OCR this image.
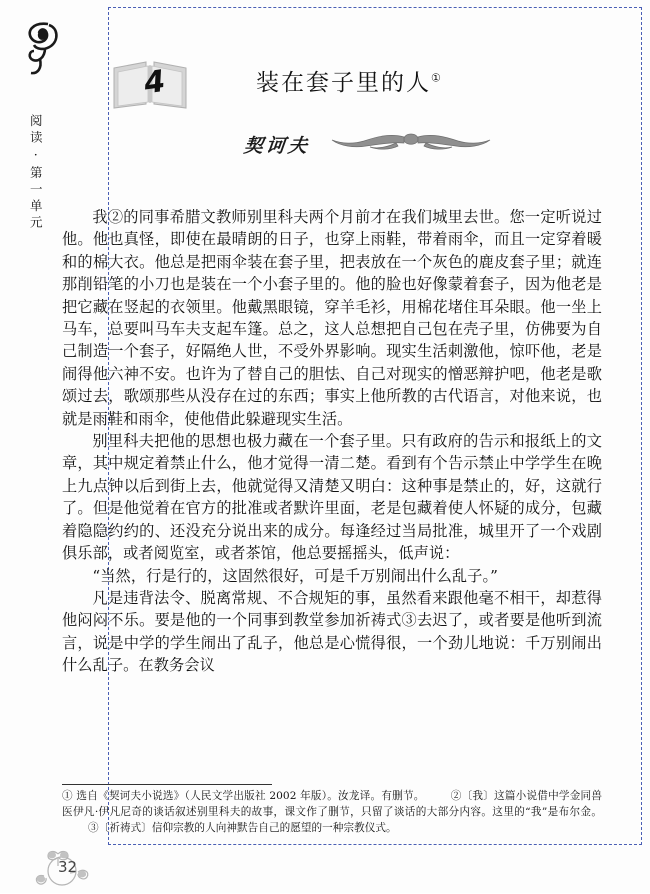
阅读·第一单元
4	装在套子里的人①
契诃夫

我②的同事希腊文教师别里科夫两个月前才在我们城里去世。您一定听说过他。他也真怪，即使在最晴朗的日子，也穿上雨鞋，带着雨伞，而且一定穿着暖和的棉大衣。他总是把雨伞装在套子里，把表放在一个灰色的鹿皮套子里；就连那削铅笔的小刀也是装在一个小套子里的。他的脸也好像蒙着套子，因为他老是把它藏在竖起的衣领里。他戴黑眼镜，穿羊毛衫，用棉花堵住耳朵眼。他一坐上马车，总要叫马车夫支起车篷。总之，这人总想把自己包在壳子里，仿佛要为自己制造一个套子，好隔绝人世，不受外界影响。现实生活刺激他，惊吓他，老是闹得他六神不安。也许为了替自己的胆怯、自己对现实的憎恶辩护吧，他老是歌颂过去，歌颂那些从没存在过的东西；事实上他所教的古代语言，对他来说，也就是雨鞋和雨伞，使他借此躲避现实生活。

别里科夫把他的思想也极力藏在一个套子里。只有政府的告示和报纸上的文章，其中规定着禁止什么，他才觉得一清二楚。看到有个告示禁止中学学生在晚上九点钟以后到街上去，他就觉得又清楚又明白：这种事是禁止的，好，这就行了。但是他觉着在官方的批准或者默许里面，老是包藏着使人怀疑的成分，包藏着隐隐约约的、还没充分说出来的成分。每逢经过当局批准，城里开了一个戏剧俱乐部，或者阅览室，或者茶馆，他总要摇摇头，低声说：

“当然，行是行的，这固然很好，可是千万别闹出什么乱子。”

凡是违背法令、脱离常规、不合规矩的事，虽然看来跟他毫不相干，却惹得他闷闷不乐。要是他的一个同事到教堂参加祈祷式③去迟了，或者要是他听到流言，说是中学的学生闹出了乱子，他总是心慌得很，一个劲儿地说：千万别闹出什么乱子。在教务会议

① 选自《契诃夫小说选》（人民文学出版社 2002 年版）。汝龙译。有删节。 ②〔我〕这篇小说借中学金同兽医伊凡·伊凡尼奇的谈话叙述别里科夫的故事，课文作了删节，只留了谈话的大部分内容。这里的“我”是布尔金。③〔祈祷式〕信仰宗教的人向神默告自己的愿望的一种宗教仪式。
32
